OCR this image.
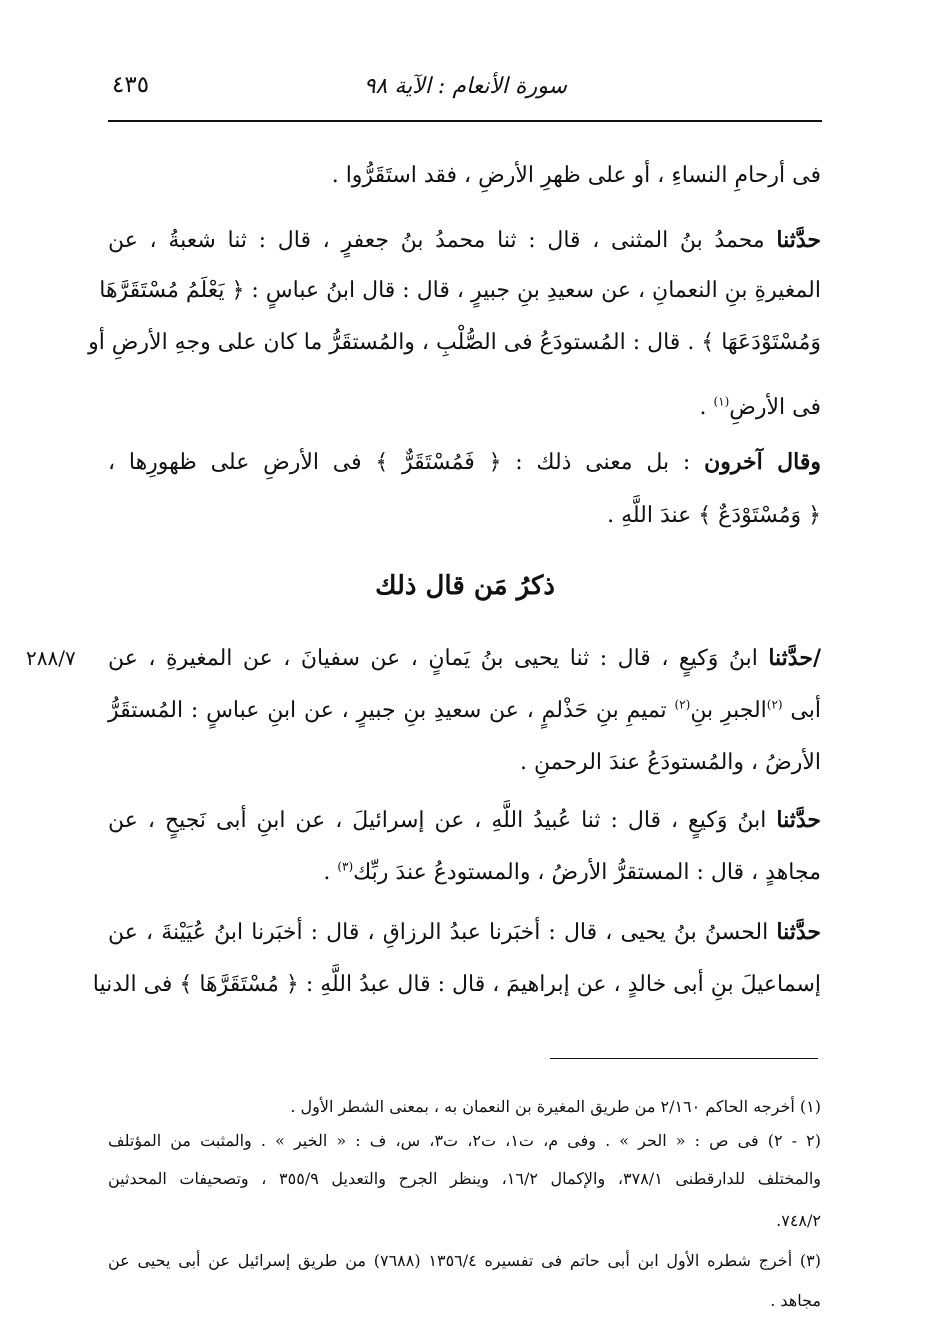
سورة الأنعام : الآية ٩٨
٤٣٥
فى أرحامِ النساءِ ، أو على ظهرِ الأرضِ ، فقد استَقَرُّوا .
حدَّثنا محمدُ بنُ المثنى ، قال : ثنا محمدُ بنُ جعفرٍ ، قال : ثنا شعبةُ ، عن
المغيرةِ بنِ النعمانِ ، عن سعيدِ بنِ جبيرٍ ، قال : قال ابنُ عباسٍ : ﴿ يَعْلَمُ مُسْتَقَرَّهَا
وَمُسْتَوْدَعَهَا ﴾ . قال : المُستودَعُ فى الصُّلْبِ ، والمُستقَرُّ ما كان على وجهِ الأرضِ أو
فى الأرضِ$^{(١)}$ .
وقال آخرون : بل معنى ذلك : ﴿ فَمُسْتَقَرٌّ ﴾ فى الأرضِ على ظهورِها ،
﴿ وَمُسْتَوْدَعٌ ﴾ عندَ اللَّهِ .
ذكرُ مَن قال ذلك
٢٨٨/٧	/حدَّثنا ابنُ وَكيعٍ ، قال : ثنا يحيى بنُ يَمانٍ ، عن سفيانَ ، عن المغيرةِ ، عن
أبى $^{(٢)}$الجبرِ بنِ$^{(٢)}$ تميمِ بنِ حَذْلمٍ ، عن سعيدِ بنِ جبيرٍ ، عن ابنِ عباسٍ : المُستقَرُّ
الأرضُ ، والمُستودَعُ عندَ الرحمنِ .
حدَّثنا ابنُ وَكيعٍ ، قال : ثنا عُبيدُ اللَّهِ ، عن إسرائيلَ ، عن ابنِ أبى نَجيحٍ ، عن
مجاهدٍ ، قال : المستقرُّ الأرضُ ، والمستودعُ عندَ ربِّك$^{(٣)}$ .
حدَّثنا الحسنُ بنُ يحيى ، قال : أخبَرنا عبدُ الرزاقِ ، قال : أخبَرنا ابنُ عُيَيْنةَ ، عن
إسماعيلَ بنِ أبى خالدٍ ، عن إبراهيمَ ، قال : قال عبدُ اللَّهِ : ﴿ مُسْتَقَرَّهَا ﴾ فى الدنيا
(١) أخرجه الحاكم ٢/١٦٠ من طريق المغيرة بن النعمان به ، بمعنى الشطر الأول .
(٢ - ٢) فى ص : « الحر » . وفى م، ت١، ت٢، ت٣، س، ف : « الخير » . والمثبت من المؤتلف
والمختلف للدارقطنى ٣٧٨/١، والإكمال ١٦/٢، وينظر الجرح والتعديل ٣٥٥/٩ ، وتصحيفات المحدثين
٧٤٨/٢.
(٣) أخرج شطره الأول ابن أبى حاتم فى تفسيره ١٣٥٦/٤ (٧٦٨٨) من طريق إسرائيل عن أبى يحيى عن
مجاهد .
